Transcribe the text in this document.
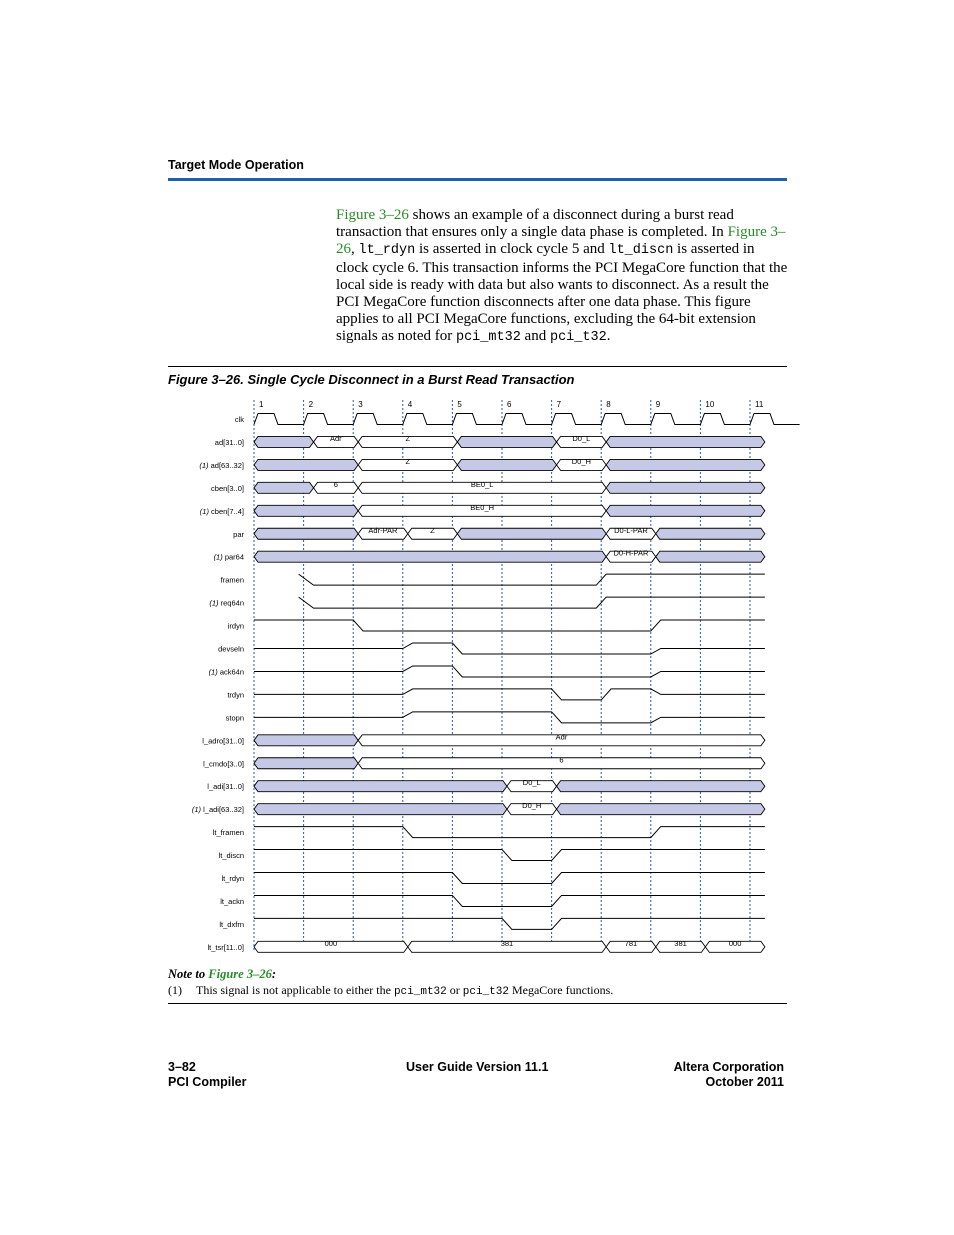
Target Mode Operation
Figure 3–26 shows an example of a disconnect during a burst read transaction that ensures only a single data phase is completed. In Figure 3–26, lt_rdyn is asserted in clock cycle 5 and lt_discn is asserted in clock cycle 6. This transaction informs the PCI MegaCore function that the local side is ready with data but also wants to disconnect. As a result the PCI MegaCore function disconnects after one data phase. This figure applies to all PCI MegaCore functions, excluding the 64-bit extension signals as noted for pci_mt32 and pci_t32.
Figure 3–26. Single Cycle Disconnect in a Burst Read Transaction
1	2	3	4	5	6	7	8	9	10	11
clk
ad[31..0]	Adr	Z	D0_L
(1) ad[63..32]	Z	D0_H
cben[3..0]	6	BE0_L
(1) cben[7..4]	BE0_H
par	Adr-PAR	Z	D0-L-PAR
(1) par64	D0-H-PAR
framen
(1) req64n
irdyn
devseln
(1) ack64n
trdyn
stopn
l_adro[31..0]	Adr
l_cmdo[3..0]	6
l_adi[31..0]	D0_L
(1) l_adi[63..32]	D0_H
lt_framen
lt_discn
lt_rdyn
lt_ackn
lt_dxfrn
lt_tsr[11..0]	000	381	781	381	000
Note to Figure 3–26:
(1) This signal is not applicable to either the pci_mt32 or pci_t32 MegaCore functions.
3–82
PCI Compiler
User Guide Version 11.1	Altera Corporation
October 2011
